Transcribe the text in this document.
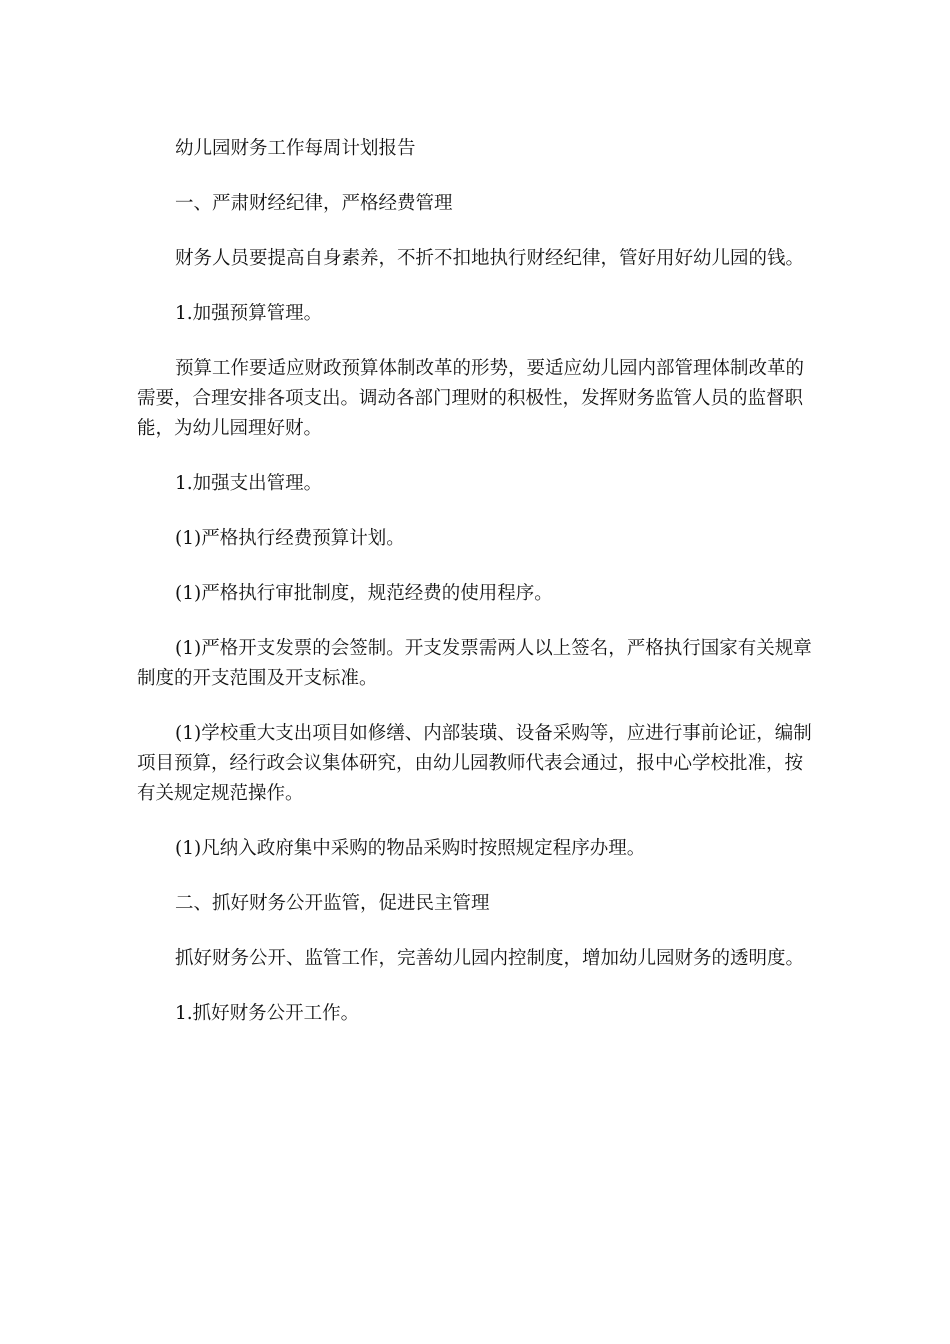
幼儿园财务工作每周计划报告

一、严肃财经纪律，严格经费管理

财务人员要提高自身素养，不折不扣地执行财经纪律，管好用好幼儿园的钱。

1.加强预算管理。

预算工作要适应财政预算体制改革的形势，要适应幼儿园内部管理体制改革的需要，合理安排各项支出。调动各部门理财的积极性，发挥财务监管人员的监督职能，为幼儿园理好财。

1.加强支出管理。

(1)严格执行经费预算计划。

(1)严格执行审批制度，规范经费的使用程序。

(1)严格开支发票的会签制。开支发票需两人以上签名，严格执行国家有关规章制度的开支范围及开支标准。

(1)学校重大支出项目如修缮、内部装璜、设备采购等，应进行事前论证，编制项目预算，经行政会议集体研究，由幼儿园教师代表会通过，报中心学校批准，按有关规定规范操作。

(1)凡纳入政府集中采购的物品采购时按照规定程序办理。

二、抓好财务公开监管，促进民主管理

抓好财务公开、监管工作，完善幼儿园内控制度，增加幼儿园财务的透明度。

1.抓好财务公开工作。
